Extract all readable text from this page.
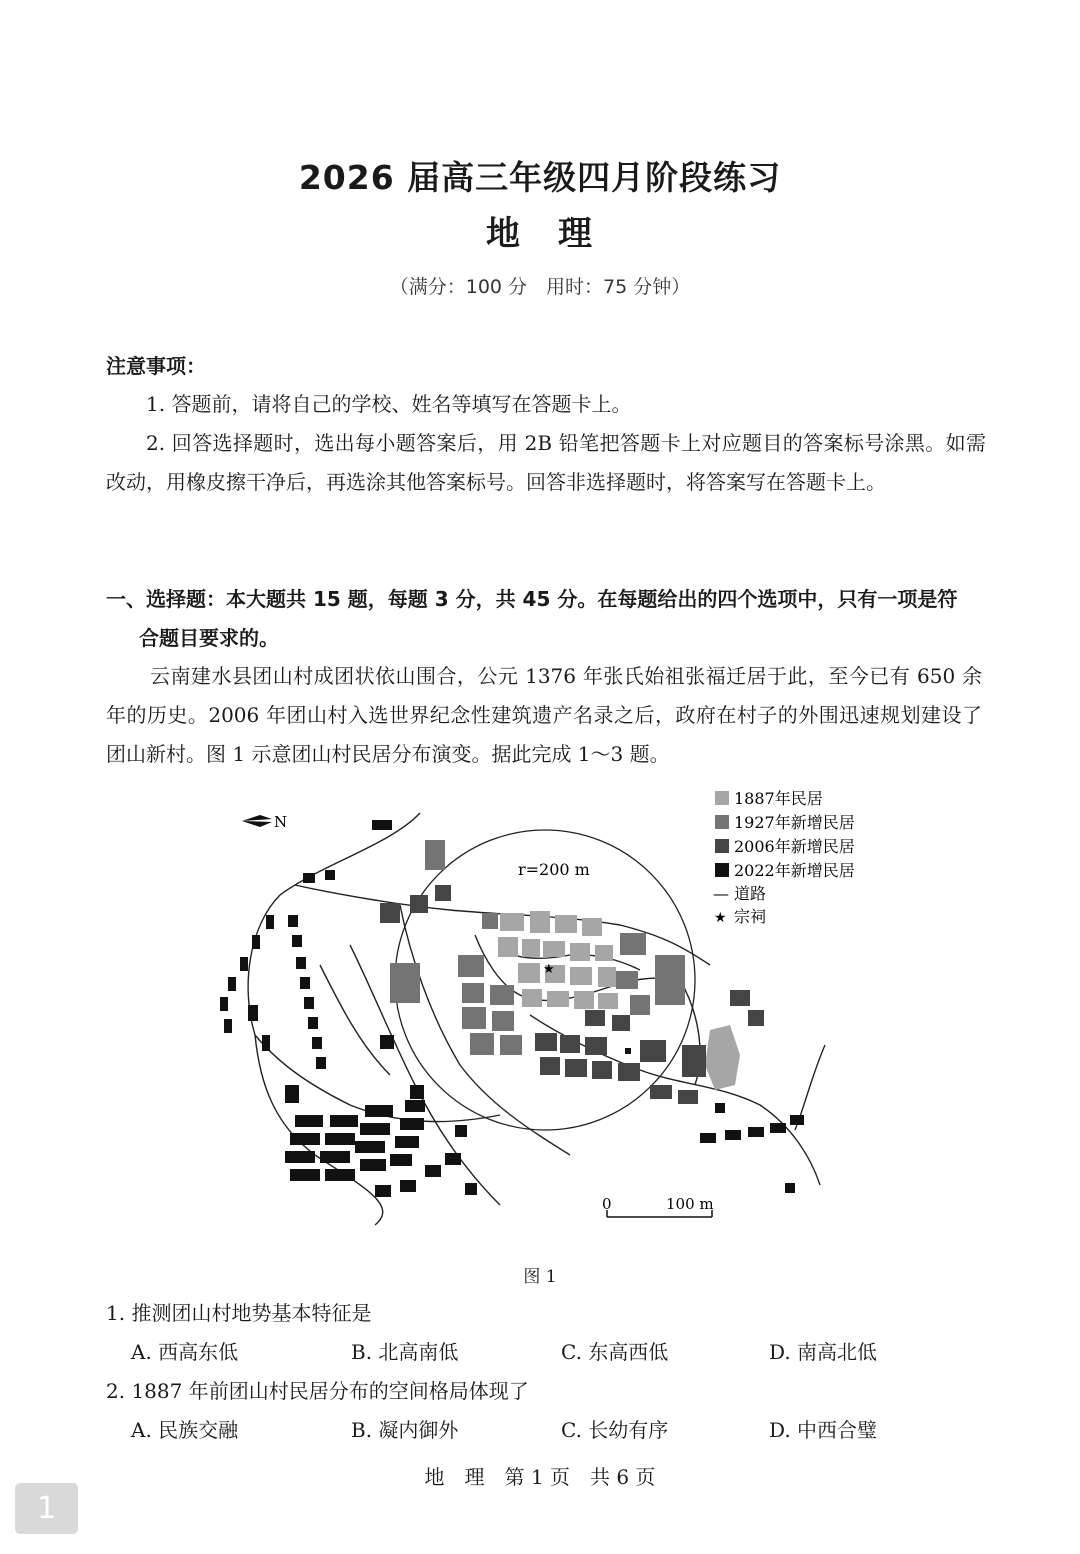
2026 届高三年级四月阶段练习
地　理
（满分：100 分　用时：75 分钟）
注意事项：
1. 答题前，请将自己的学校、姓名等填写在答题卡上。
2. 回答选择题时，选出每小题答案后，用 2B 铅笔把答题卡上对应题目的答案标号涂黑。如需改动，用橡皮擦干净后，再选涂其他答案标号。回答非选择题时，将答案写在答题卡上。
一、选择题：本大题共 15 题，每题 3 分，共 45 分。在每题给出的四个选项中，只有一项是符
合题目要求的。
云南建水县团山村成团状依山围合，公元 1376 年张氏始祖张福迁居于此，至今已有 650 余年的历史。2006 年团山村入选世界纪念性建筑遗产名录之后，政府在村子的外围迅速规划建设了团山新村。图 1 示意团山村民居分布演变。据此完成 1～3 题。
N
r=200 m
★
0	100 m
1887年民居
1927年新增民居
2006年新增民居
2022年新增民居
— 道路
★ 宗祠
图 1
1. 推测团山村地势基本特征是
A. 西高东低	B. 北高南低	C. 东高西低	D. 南高北低
2. 1887 年前团山村民居分布的空间格局体现了
A. 民族交融	B. 凝内御外	C. 长幼有序	D. 中西合璧
地　理　第 1 页　共 6 页
1
